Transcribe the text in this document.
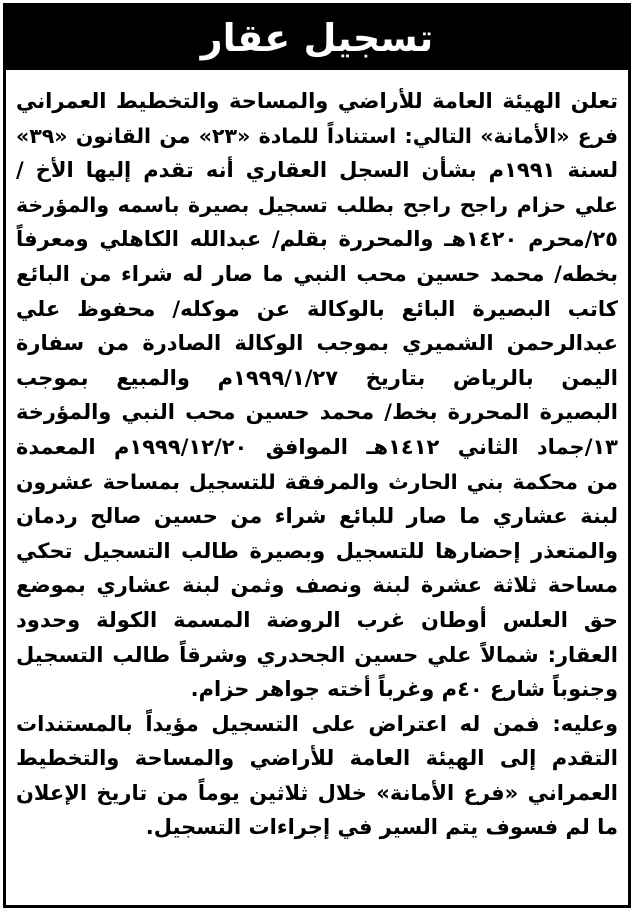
تسجيل عقار
تعلن الهيئة العامة للأراضي والمساحة والتخطيط العمراني
فرع «الأمانة» التالي: استناداً للمادة «٢٣» من القانون «٣٩»
لسنة ١٩٩١م بشأن السجل العقاري أنه تقدم إليها الأخ /
علي حزام راجح راجح بطلب تسجيل بصيرة باسمه والمؤرخة
٢٥/محرم ١٤٢٠هـ والمحررة بقلم/ عبدالله الكاهلي ومعرفاً
بخطه/ محمد حسين محب النبي ما صار له شراء من البائع
كاتب البصيرة البائع بالوكالة عن موكله/ محفوظ علي
عبدالرحمن الشميري بموجب الوكالة الصادرة من سفارة
اليمن بالرياض بتاريخ ١٩٩٩/١/٢٧م والمبيع بموجب
البصيرة المحررة بخط/ محمد حسين محب النبي والمؤرخة
١٣/جماد الثاني ١٤١٢هـ الموافق ١٩٩٩/١٢/٢٠م المعمدة
من محكمة بني الحارث والمرفقة للتسجيل بمساحة عشرون
لبنة عشاري ما صار للبائع شراء من حسين صالح ردمان
والمتعذر إحضارها للتسجيل وبصيرة طالب التسجيل تحكي
مساحة ثلاثة عشرة لبنة ونصف وثمن لبنة عشاري بموضع
حق العلس أوطان غرب الروضة المسمة الكولة وحدود
العقار: شمالاً علي حسين الجحدري وشرقاً طالب التسجيل
وجنوباً شارع ٤٠م وغرباً أخته جواهر حزام.
وعليه: فمن له اعتراض على التسجيل مؤيداً بالمستندات
التقدم إلى الهيئة العامة للأراضي والمساحة والتخطيط
العمراني «فرع الأمانة» خلال ثلاثين يوماً من تاريخ الإعلان
ما لم فسوف يتم السير في إجراءات التسجيل.
